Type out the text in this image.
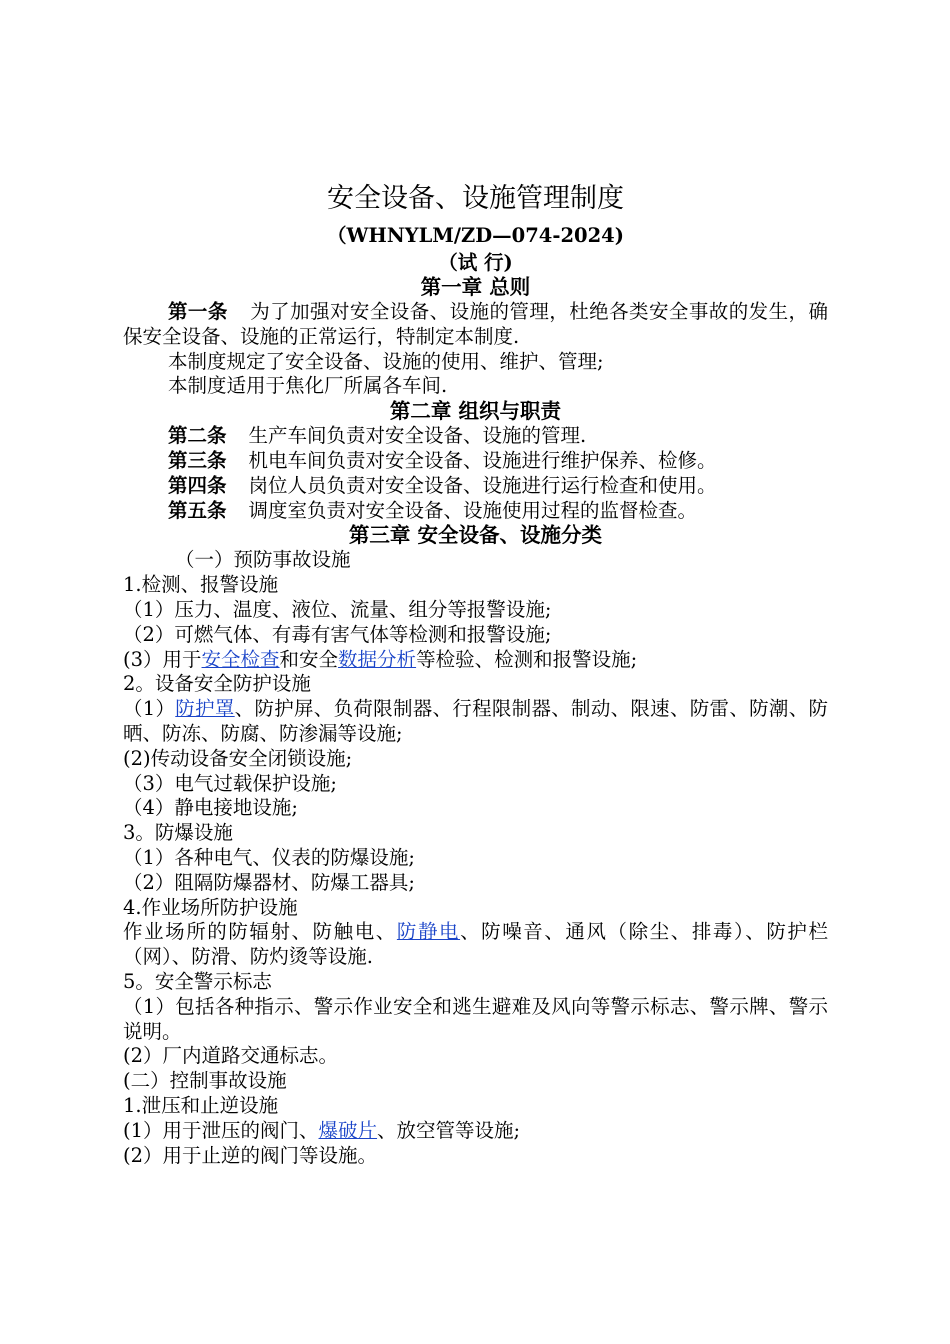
安全设备、设施管理制度
（WHNYLM/ZD—074-2024)
（试 行)
第一章 总则
第一条 为了加强对安全设备、设施的管理，杜绝各类安全事故的发生，确保安全设备、设施的正常运行，特制定本制度.
本制度规定了安全设备、设施的使用、维护、管理;
本制度适用于焦化厂所属各车间.
第二章 组织与职责
第二条 生产车间负责对安全设备、设施的管理.
第三条 机电车间负责对安全设备、设施进行维护保养、检修。
第四条 岗位人员负责对安全设备、设施进行运行检查和使用。
第五条 调度室负责对安全设备、设施使用过程的监督检查。
第三章 安全设备、设施分类
（一）预防事故设施
1.检测、报警设施
（1）压力、温度、液位、流量、组分等报警设施;
（2）可燃气体、有毒有害气体等检测和报警设施;
(3）用于安全检查和安全数据分析等检验、检测和报警设施;
2。设备安全防护设施
（1）防护罩、防护屏、负荷限制器、行程限制器、制动、限速、防雷、防潮、防晒、防冻、防腐、防渗漏等设施;
(2)传动设备安全闭锁设施;
（3）电气过载保护设施;
（4）静电接地设施;
3。防爆设施
（1）各种电气、仪表的防爆设施;
（2）阻隔防爆器材、防爆工器具;
4.作业场所防护设施
作业场所的防辐射、防触电、防静电、防噪音、通风（除尘、排毒）、防护栏（网）、防滑、防灼烫等设施.
5。安全警示标志
（1）包括各种指示、警示作业安全和逃生避难及风向等警示标志、警示牌、警示说明。
(2）厂内道路交通标志。
(二）控制事故设施
1.泄压和止逆设施
(1）用于泄压的阀门、爆破片、放空管等设施;
(2）用于止逆的阀门等设施。
